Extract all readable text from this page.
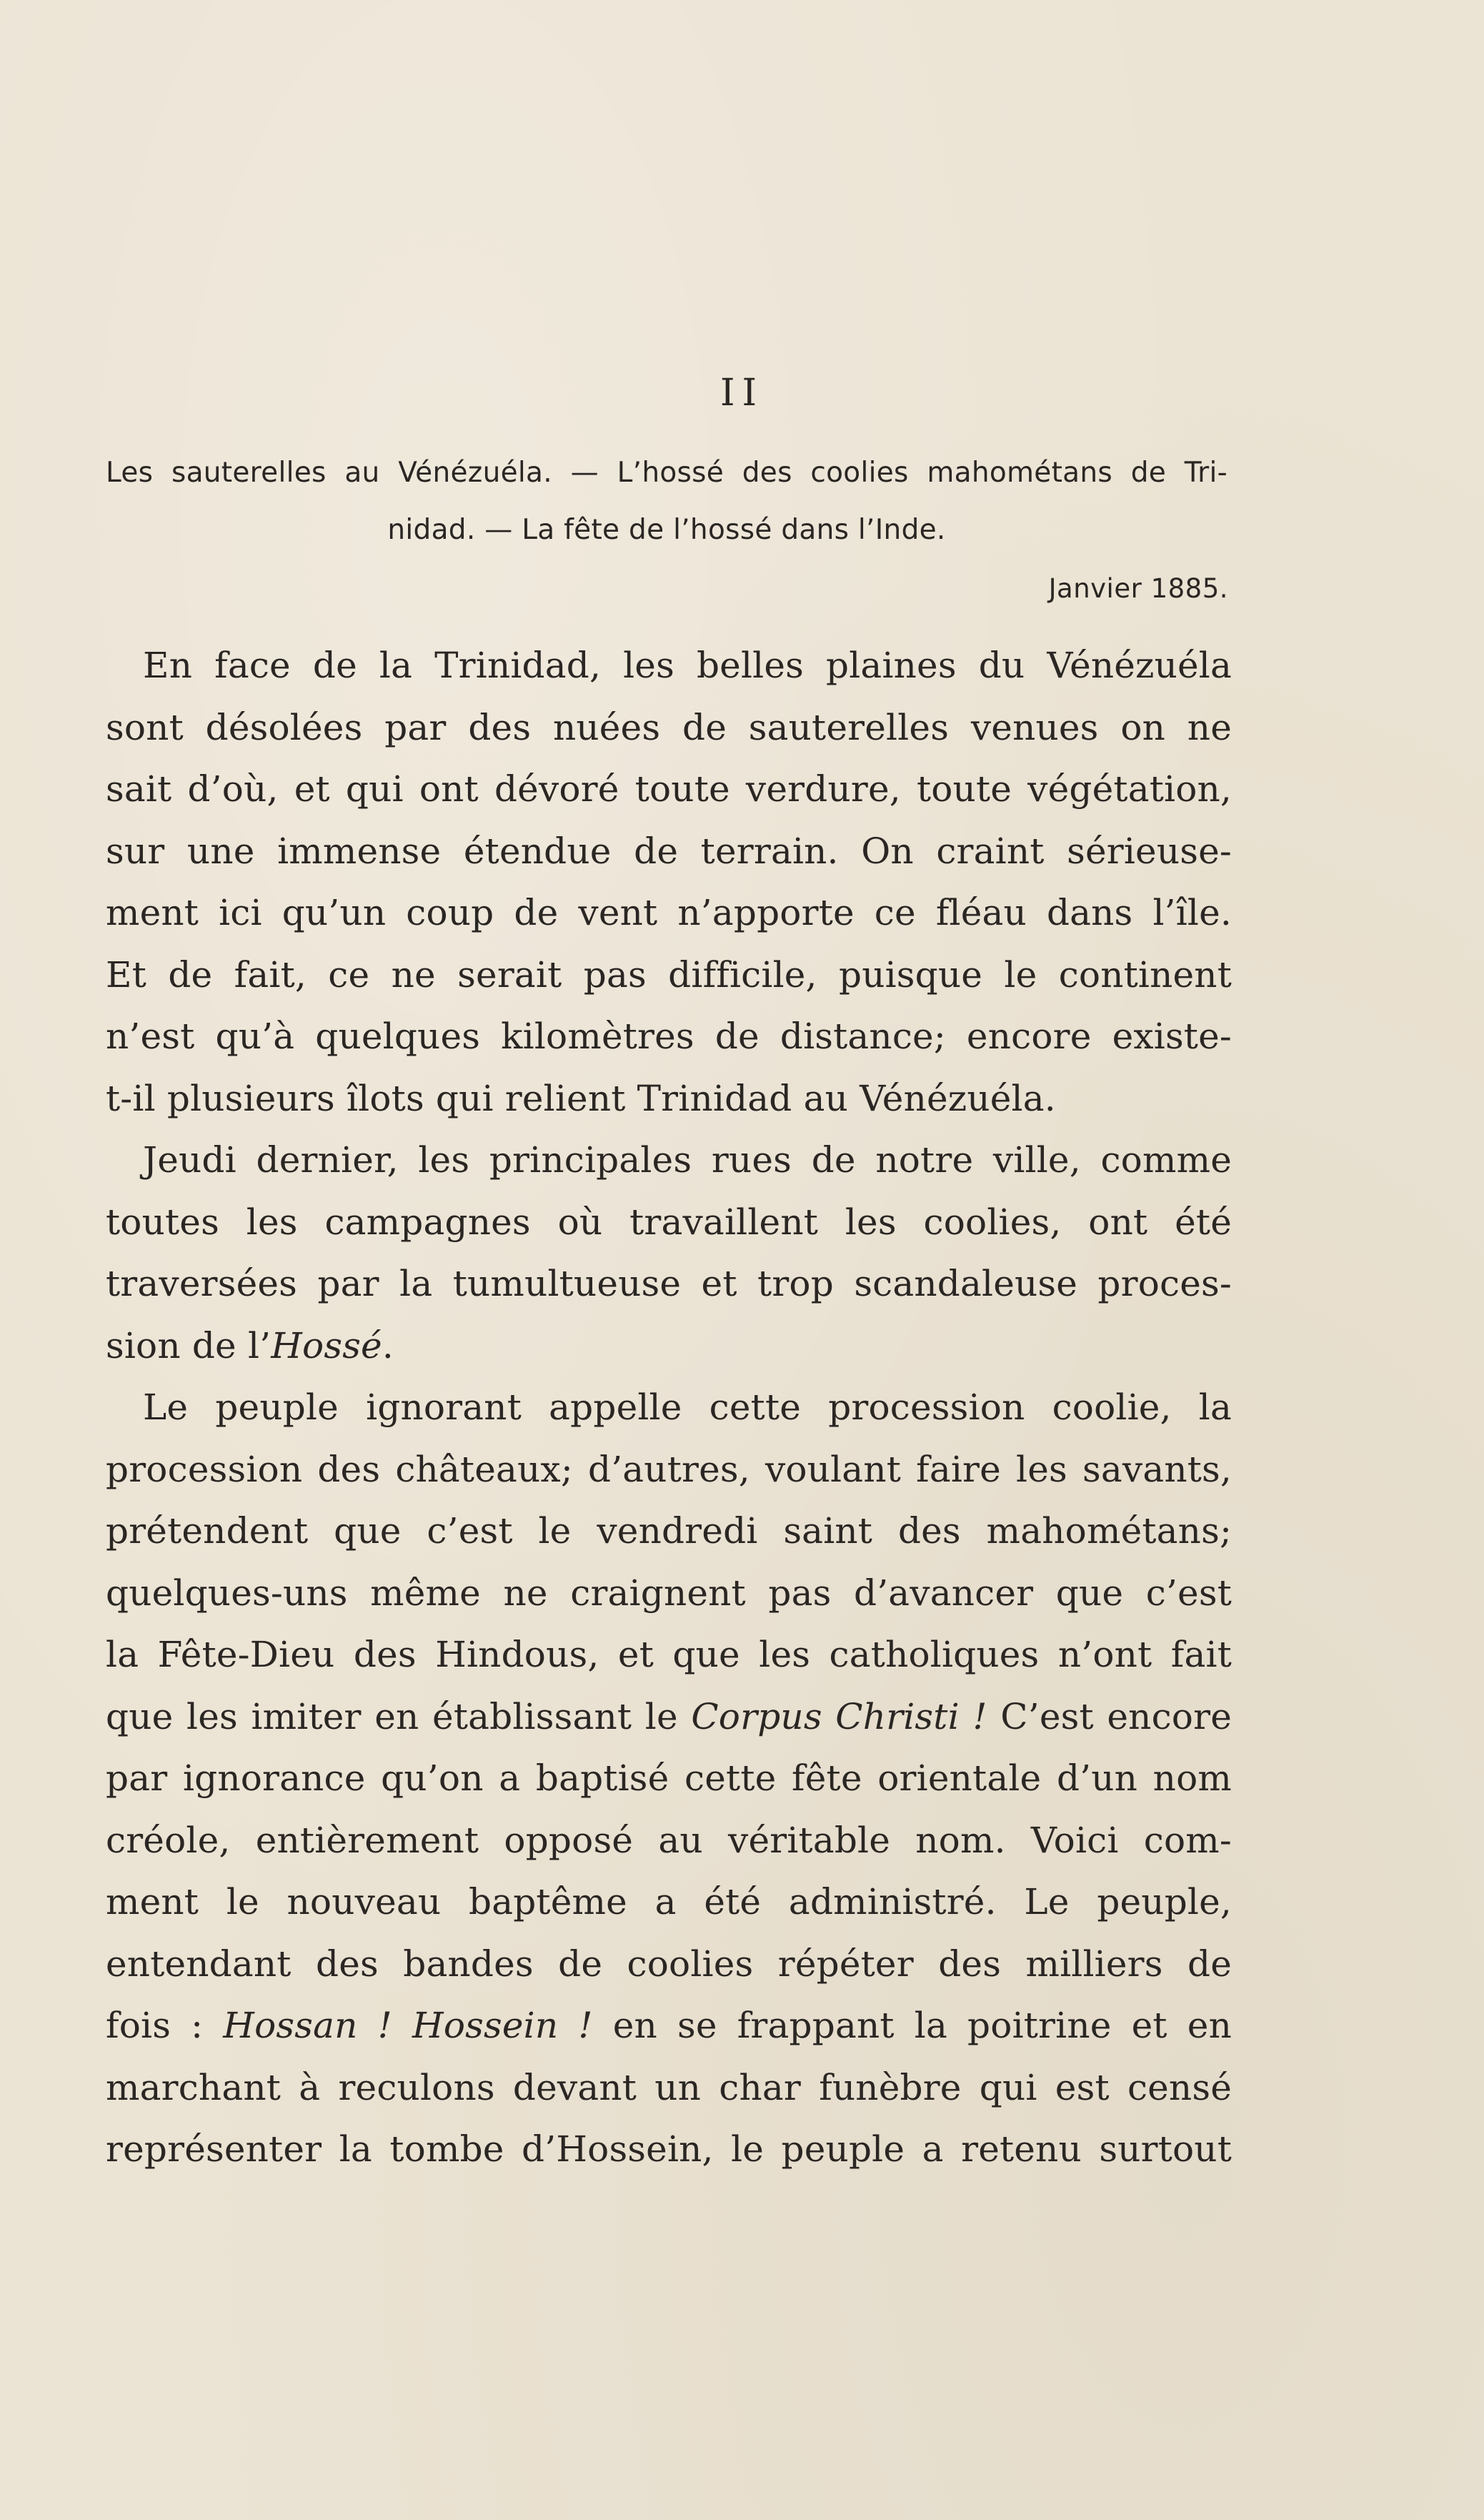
II
Les sauterelles au Vénézuéla. — L’hossé des coolies mahométans de Tri-
nidad. — La fête de l’hossé dans l’Inde.
Janvier 1885.
En face de la Trinidad, les belles plaines du Vénézuéla
sont désolées par des nuées de sauterelles venues on ne
sait d’où, et qui ont dévoré toute verdure, toute végétation,
sur une immense étendue de terrain. On craint sérieuse-
ment ici qu’un coup de vent n’apporte ce fléau dans l’île.
Et de fait, ce ne serait pas difficile, puisque le continent
n’est qu’à quelques kilomètres de distance; encore existe-
t-il plusieurs îlots qui relient Trinidad au Vénézuéla.
Jeudi dernier, les principales rues de notre ville, comme
toutes les campagnes où travaillent les coolies, ont été
traversées par la tumultueuse et trop scandaleuse proces-
sion de l’Hossé.
Le peuple ignorant appelle cette procession coolie, la
procession des châteaux; d’autres, voulant faire les savants,
prétendent que c’est le vendredi saint des mahométans;
quelques-uns même ne craignent pas d’avancer que c’est
la Fête-Dieu des Hindous, et que les catholiques n’ont fait
que les imiter en établissant le Corpus Christi ! C’est encore
par ignorance qu’on a baptisé cette fête orientale d’un nom
créole, entièrement opposé au véritable nom. Voici com-
ment le nouveau baptême a été administré. Le peuple,
entendant des bandes de coolies répéter des milliers de
fois : Hossan ! Hossein ! en se frappant la poitrine et en
marchant à reculons devant un char funèbre qui est censé
représenter la tombe d’Hossein, le peuple a retenu surtout
